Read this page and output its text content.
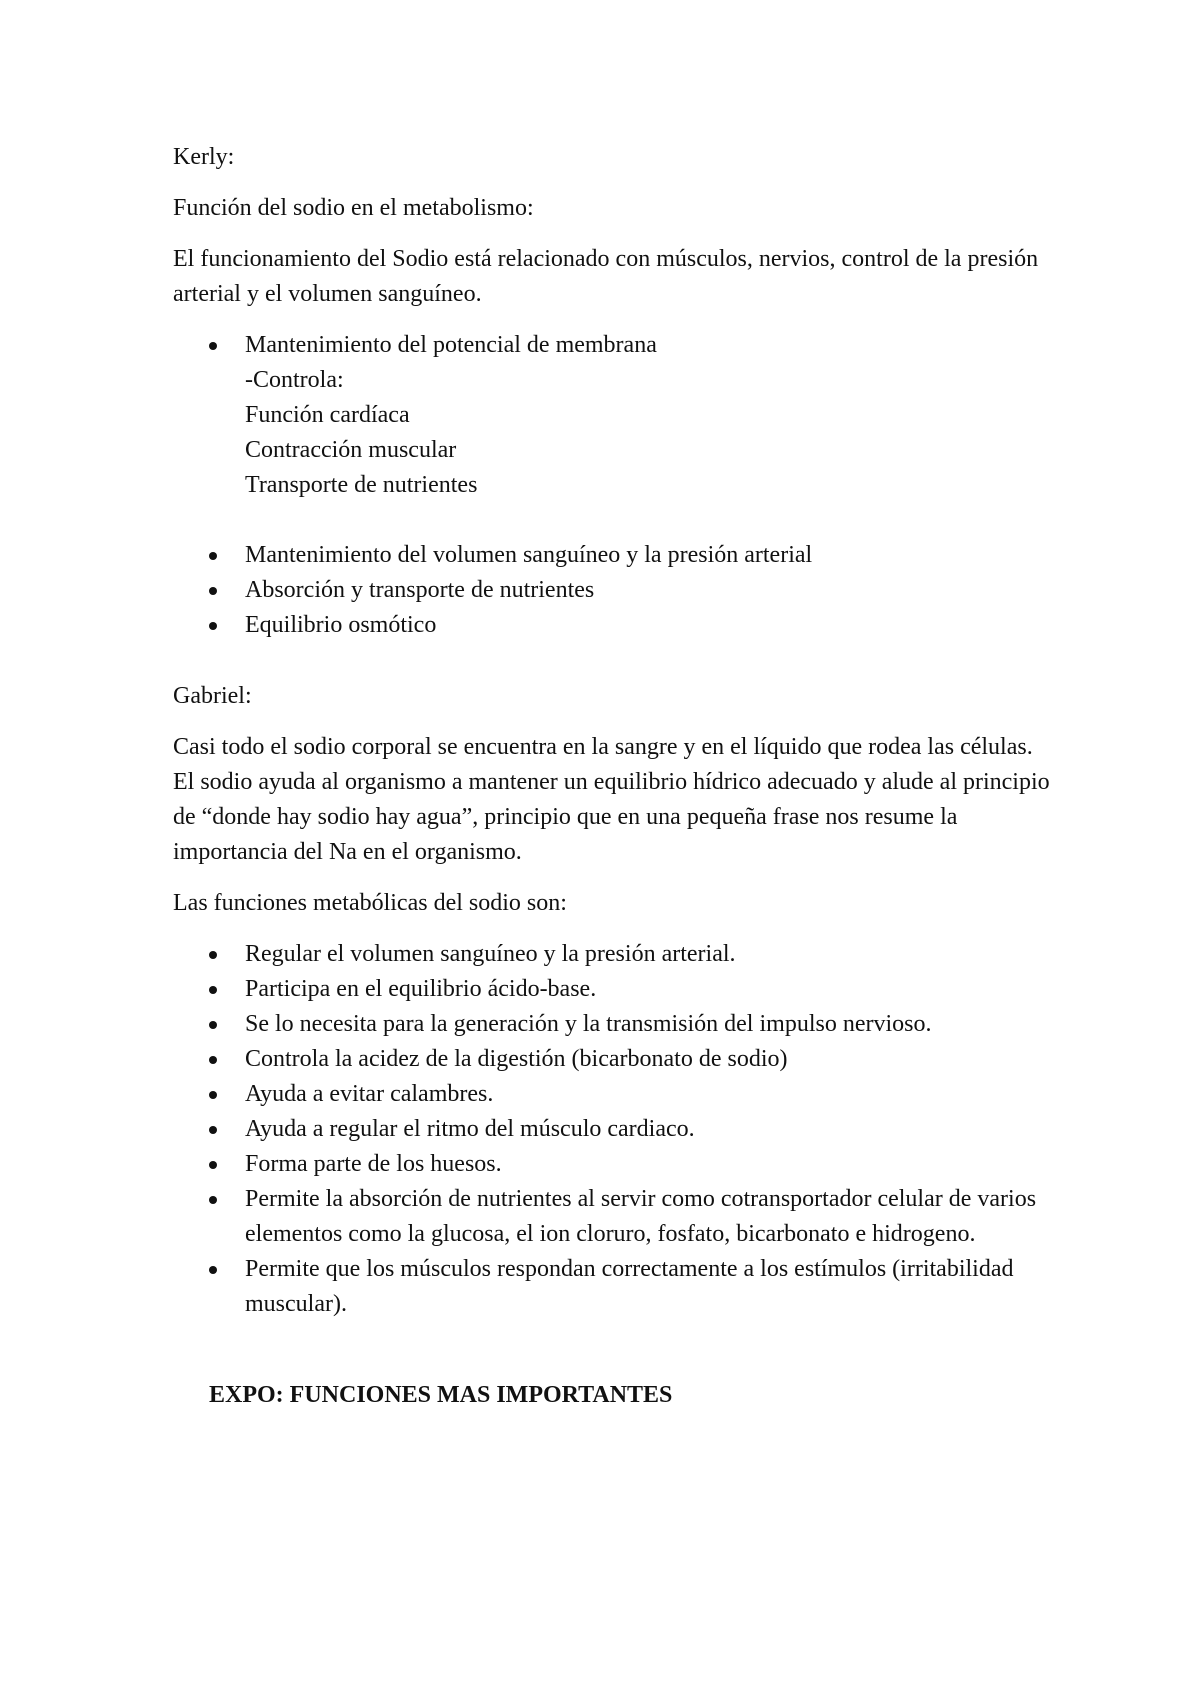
Kerly:

Función del sodio en el metabolismo:

El funcionamiento del Sodio está relacionado con músculos, nervios, control de la presión arterial y el volumen sanguíneo.

Mantenimiento del potencial de membrana
-Controla:
Función cardíaca
Contracción muscular
Transporte de nutrientes
Mantenimiento del volumen sanguíneo y la presión arterial
Absorción y transporte de nutrientes
Equilibrio osmótico

Gabriel:

Casi todo el sodio corporal se encuentra en la sangre y en el líquido que rodea las células. El sodio ayuda al organismo a mantener un equilibrio hídrico adecuado y alude al principio de “donde hay sodio hay agua”, principio que en una pequeña frase nos resume la importancia del Na en el organismo.

Las funciones metabólicas del sodio son:

Regular el volumen sanguíneo y la presión arterial.
Participa en el equilibrio ácido-base.
Se lo necesita para la generación y la transmisión del impulso nervioso.
Controla la acidez de la digestión (bicarbonato de sodio)
Ayuda a evitar calambres.
Ayuda a regular el ritmo del músculo cardiaco.
Forma parte de los huesos.
Permite la absorción de nutrientes al servir como cotransportador celular de varios elementos como la glucosa, el ion cloruro, fosfato, bicarbonato e hidrogeno.
Permite que los músculos respondan correctamente a los estímulos (irritabilidad muscular).

EXPO: FUNCIONES MAS IMPORTANTES
